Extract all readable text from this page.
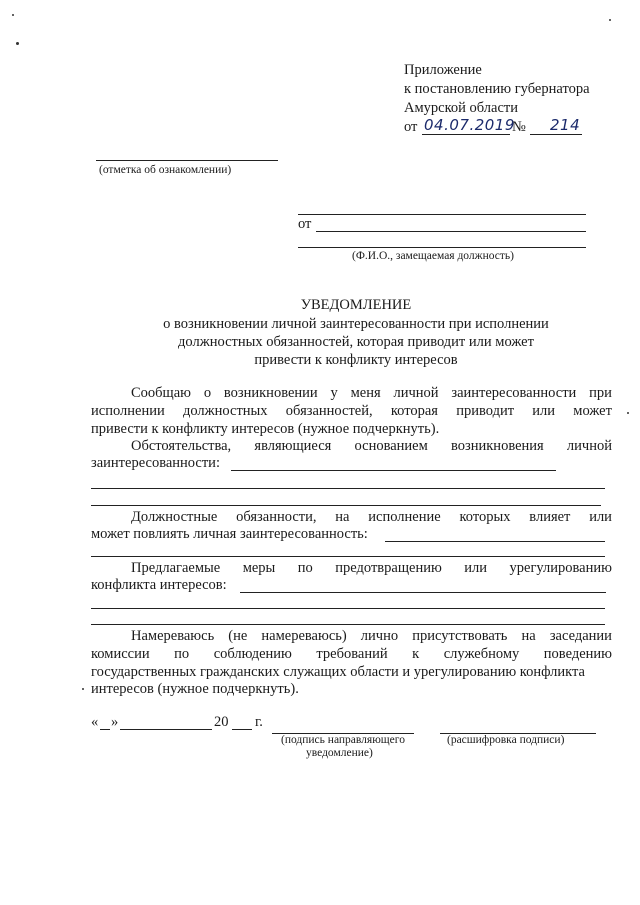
Приложение
к постановлению губернатора
Амурской области
от 04.07.2019
№ 214
(отметка об ознакомлении)
от
(Ф.И.О., замещаемая должность)
УВЕДОМЛЕНИЕ
о возникновении личной заинтересованности при исполнении
должностных обязанностей, которая приводит или может
привести к конфликту интересов
Сообщаю о возникновении у меня личной заинтересованности при
исполнении должностных обязанностей, которая приводит или может
привести к конфликту интересов (нужное подчеркнуть).
Обстоятельства, являющиеся основанием возникновения личной
заинтересованности:
Должностные обязанности, на исполнение которых влияет или
может повлиять личная заинтересованность:
Предлагаемые меры по предотвращению или урегулированию
конфликта интересов:
Намереваюсь (не намереваюсь) лично присутствовать на заседании
комиссии по соблюдению требований к служебному поведению
государственных гражданских служащих области и урегулированию конфликта
интересов (нужное подчеркнуть).
« »	20 г.
(подпись направляющего
уведомление)
(расшифровка подписи)
